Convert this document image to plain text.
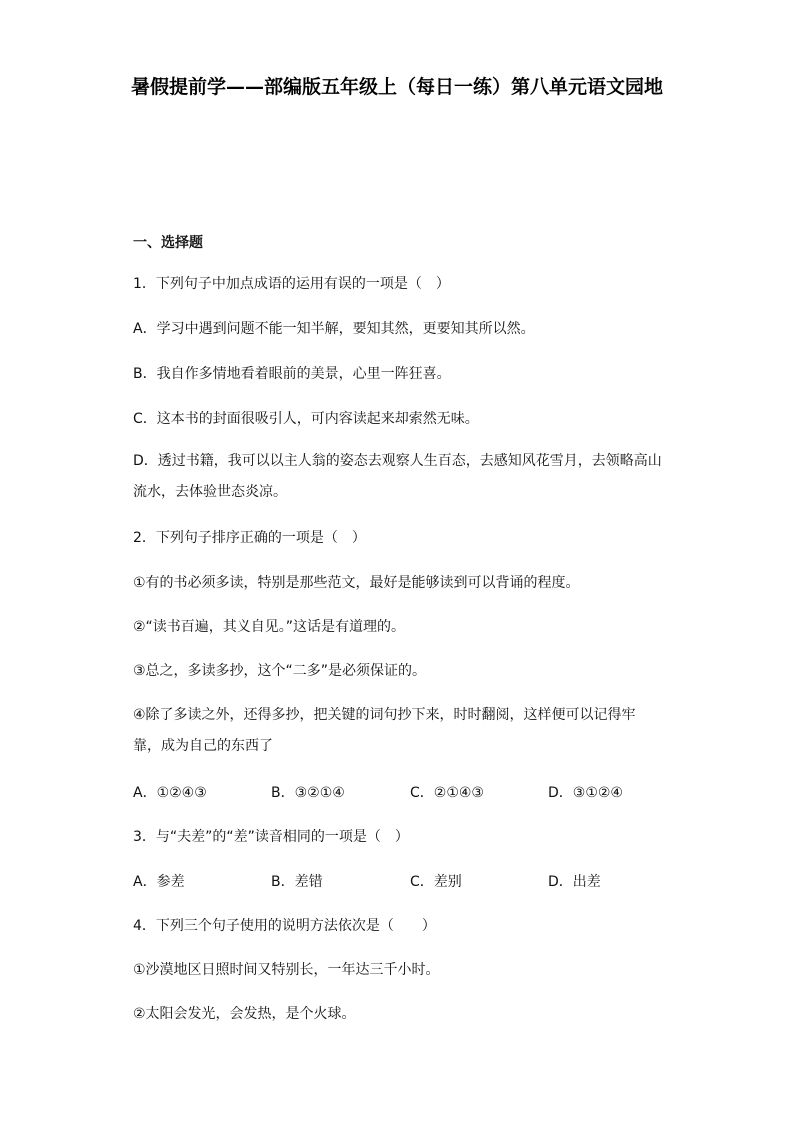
暑假提前学——部编版五年级上（每日一练）第八单元语文园地
一、选择题
1．下列句子中加点成语的运用有误的一项是（　）
A．学习中遇到问题不能一知半解，要知其然，更要知其所以然。
B．我自作多情地看着眼前的美景，心里一阵狂喜。
C．这本书的封面很吸引人，可内容读起来却索然无味。
D．透过书籍，我可以以主人翁的姿态去观察人生百态，去感知风花雪月，去领略高山流水，去体验世态炎凉。
2．下列句子排序正确的一项是（　）
①有的书必须多读，特别是那些范文，最好是能够读到可以背诵的程度。
②“读书百遍，其义自见。”这话是有道理的。
③总之，多读多抄，这个“二多”是必须保证的。
④除了多读之外，还得多抄，把关键的词句抄下来，时时翻阅，这样便可以记得牢靠，成为自己的东西了
A．①②④③	B．③②①④	C．②①④③	D．③①②④
3．与“夫差”的“差”读音相同的一项是（　）
A．参差	B．差错	C．差别	D．出差
4．下列三个句子使用的说明方法依次是（　　）
①沙漠地区日照时间又特别长，一年达三千小时。
②太阳会发光，会发热，是个火球。
